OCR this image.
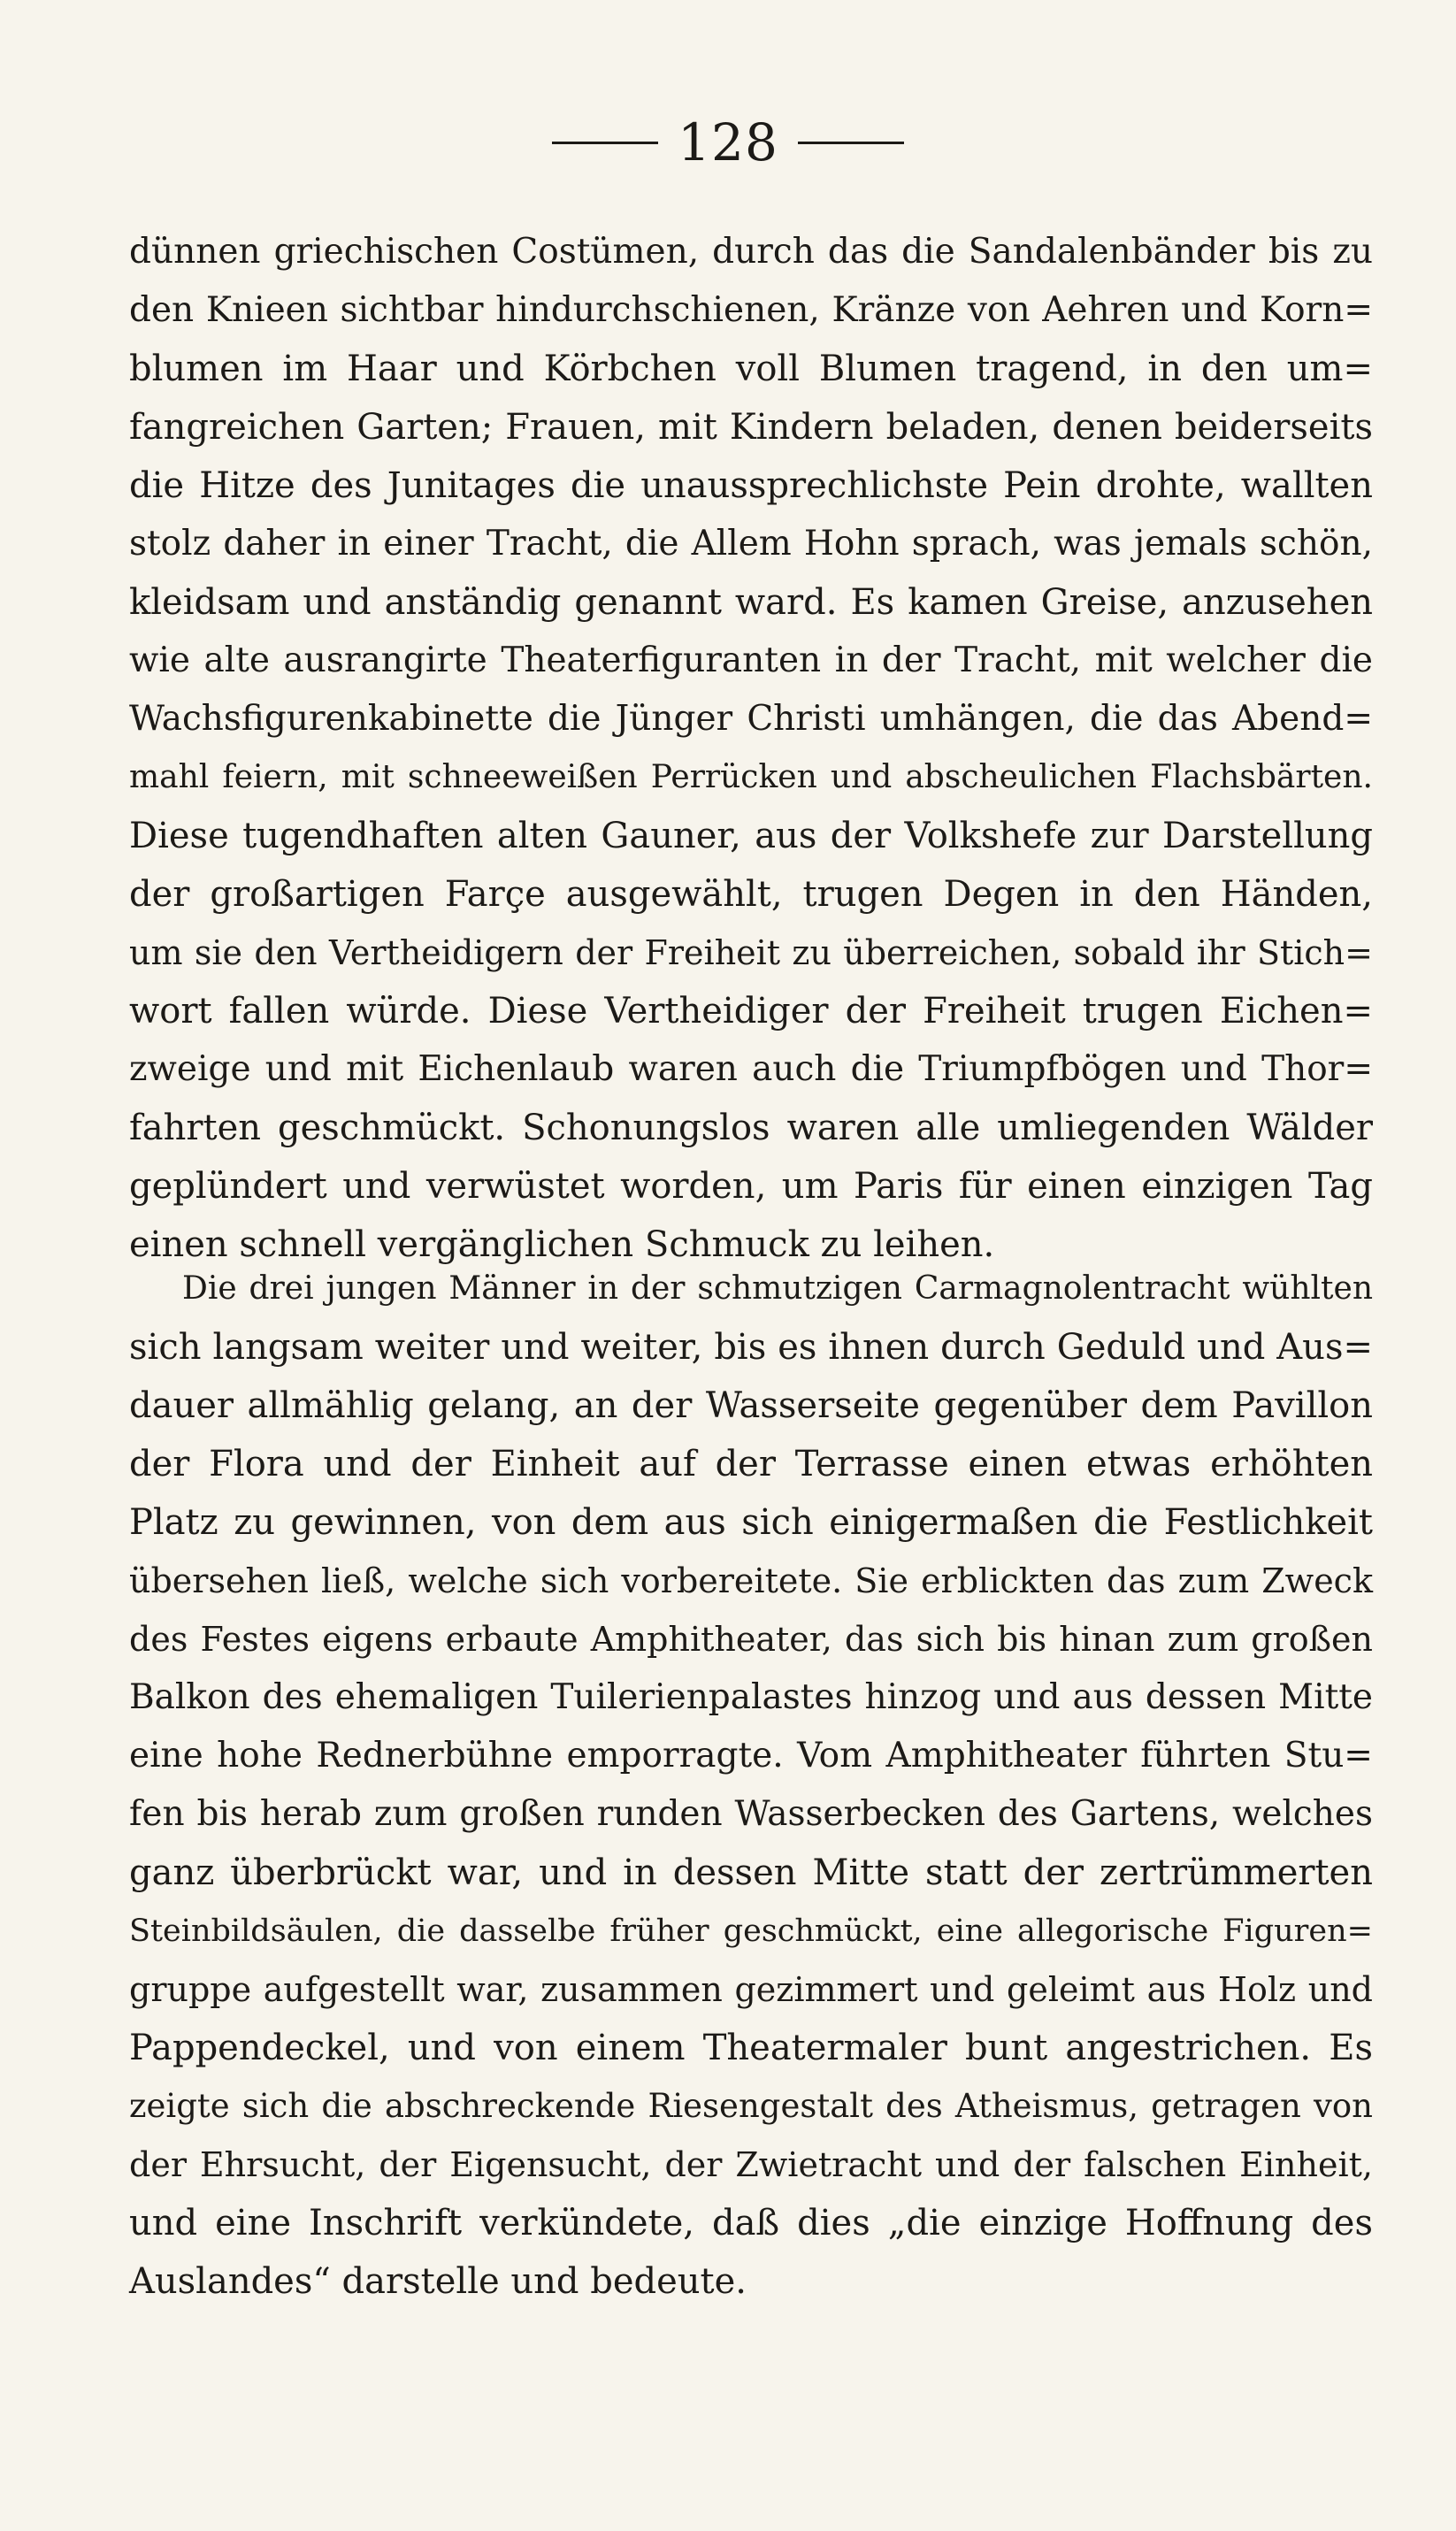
128
dünnen griechischen Costümen, durch das die Sandalenbänder bis zu
den Knieen sichtbar hindurchschienen, Kränze von Aehren und Korn=
blumen im Haar und Körbchen voll Blumen tragend, in den um=
fangreichen Garten; Frauen, mit Kindern beladen, denen beiderseits
die Hitze des Junitages die unaussprechlichste Pein drohte, wallten
stolz daher in einer Tracht, die Allem Hohn sprach, was jemals schön,
kleidsam und anständig genannt ward. Es kamen Greise, anzusehen
wie alte ausrangirte Theaterfiguranten in der Tracht, mit welcher die
Wachsfigurenkabinette die Jünger Christi umhängen, die das Abend=
mahl feiern, mit schneeweißen Perrücken und abscheulichen Flachsbärten.
Diese tugendhaften alten Gauner, aus der Volkshefe zur Darstellung
der großartigen Farçe ausgewählt, trugen Degen in den Händen,
um sie den Vertheidigern der Freiheit zu überreichen, sobald ihr Stich=
wort fallen würde. Diese Vertheidiger der Freiheit trugen Eichen=
zweige und mit Eichenlaub waren auch die Triumpfbögen und Thor=
fahrten geschmückt. Schonungslos waren alle umliegenden Wälder
geplündert und verwüstet worden, um Paris für einen einzigen Tag
einen schnell vergänglichen Schmuck zu leihen.
Die drei jungen Männer in der schmutzigen Carmagnolentracht wühlten
sich langsam weiter und weiter, bis es ihnen durch Geduld und Aus=
dauer allmählig gelang, an der Wasserseite gegenüber dem Pavillon
der Flora und der Einheit auf der Terrasse einen etwas erhöhten
Platz zu gewinnen, von dem aus sich einigermaßen die Festlichkeit
übersehen ließ, welche sich vorbereitete. Sie erblickten das zum Zweck
des Festes eigens erbaute Amphitheater, das sich bis hinan zum großen
Balkon des ehemaligen Tuilerienpalastes hinzog und aus dessen Mitte
eine hohe Rednerbühne emporragte. Vom Amphitheater führten Stu=
fen bis herab zum großen runden Wasserbecken des Gartens, welches
ganz überbrückt war, und in dessen Mitte statt der zertrümmerten
Steinbildsäulen, die dasselbe früher geschmückt, eine allegorische Figuren=
gruppe aufgestellt war, zusammen gezimmert und geleimt aus Holz und
Pappendeckel, und von einem Theatermaler bunt angestrichen. Es
zeigte sich die abschreckende Riesengestalt des Atheismus, getragen von
der Ehrsucht, der Eigensucht, der Zwietracht und der falschen Einheit,
und eine Inschrift verkündete, daß dies „die einzige Hoffnung des
Auslandes“ darstelle und bedeute.
